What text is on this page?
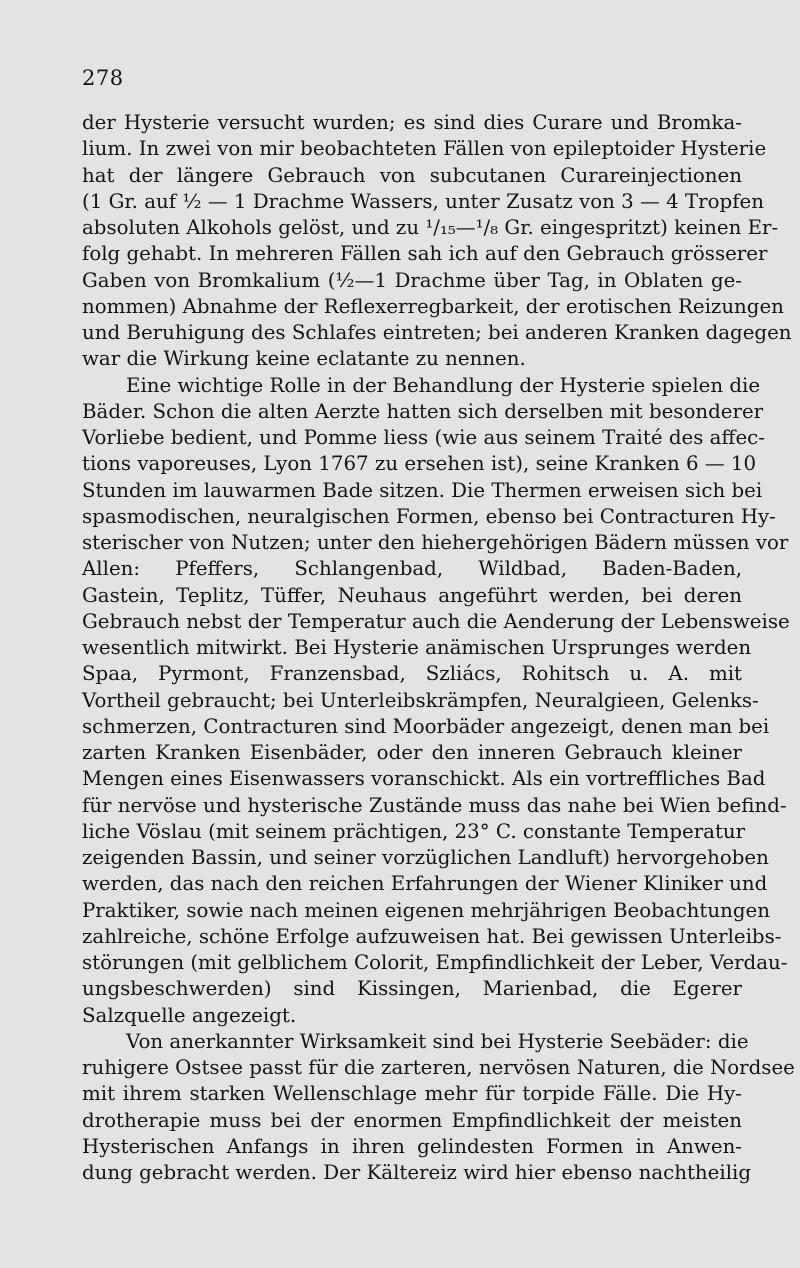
278
der Hysterie versucht wurden; es sind dies Curare und Bromka-
lium. In zwei von mir beobachteten Fällen von epileptoider Hysterie
hat der längere Gebrauch von subcutanen Curareinjectionen
(1 Gr. auf ½ — 1 Drachme Wassers, unter Zusatz von 3 — 4 Tropfen
absoluten Alkohols gelöst, und zu ¹/₁₅—¹/₈ Gr. eingespritzt) keinen Er-
folg gehabt. In mehreren Fällen sah ich auf den Gebrauch grösserer
Gaben von Bromkalium (½—1 Drachme über Tag, in Oblaten ge-
nommen) Abnahme der Reflexerregbarkeit, der erotischen Reizungen
und Beruhigung des Schlafes eintreten; bei anderen Kranken dagegen
war die Wirkung keine eclatante zu nennen.
Eine wichtige Rolle in der Behandlung der Hysterie spielen die
Bäder. Schon die alten Aerzte hatten sich derselben mit besonderer
Vorliebe bedient, und Pomme liess (wie aus seinem Traité des affec-
tions vaporeuses, Lyon 1767 zu ersehen ist), seine Kranken 6 — 10
Stunden im lauwarmen Bade sitzen. Die Thermen erweisen sich bei
spasmodischen, neuralgischen Formen, ebenso bei Contracturen Hy-
sterischer von Nutzen; unter den hiehergehörigen Bädern müssen vor
Allen: Pfeffers, Schlangenbad, Wildbad, Baden-Baden,
Gastein, Teplitz, Tüffer, Neuhaus angeführt werden, bei deren
Gebrauch nebst der Temperatur auch die Aenderung der Lebensweise
wesentlich mitwirkt. Bei Hysterie anämischen Ursprunges werden
Spaa, Pyrmont, Franzensbad, Szliács, Rohitsch u. A. mit
Vortheil gebraucht; bei Unterleibskrämpfen, Neuralgieen, Gelenks-
schmerzen, Contracturen sind Moorbäder angezeigt, denen man bei
zarten Kranken Eisenbäder, oder den inneren Gebrauch kleiner
Mengen eines Eisenwassers voranschickt. Als ein vortreffliches Bad
für nervöse und hysterische Zustände muss das nahe bei Wien befind-
liche Vöslau (mit seinem prächtigen, 23° C. constante Temperatur
zeigenden Bassin, und seiner vorzüglichen Landluft) hervorgehoben
werden, das nach den reichen Erfahrungen der Wiener Kliniker und
Praktiker, sowie nach meinen eigenen mehrjährigen Beobachtungen
zahlreiche, schöne Erfolge aufzuweisen hat. Bei gewissen Unterleibs-
störungen (mit gelblichem Colorit, Empfindlichkeit der Leber, Verdau-
ungsbeschwerden) sind Kissingen, Marienbad, die Egerer
Salzquelle angezeigt.
Von anerkannter Wirksamkeit sind bei Hysterie Seebäder: die
ruhigere Ostsee passt für die zarteren, nervösen Naturen, die Nordsee
mit ihrem starken Wellenschlage mehr für torpide Fälle. Die Hy-
drotherapie muss bei der enormen Empfindlichkeit der meisten
Hysterischen Anfangs in ihren gelindesten Formen in Anwen-
dung gebracht werden. Der Kältereiz wird hier ebenso nachtheilig
